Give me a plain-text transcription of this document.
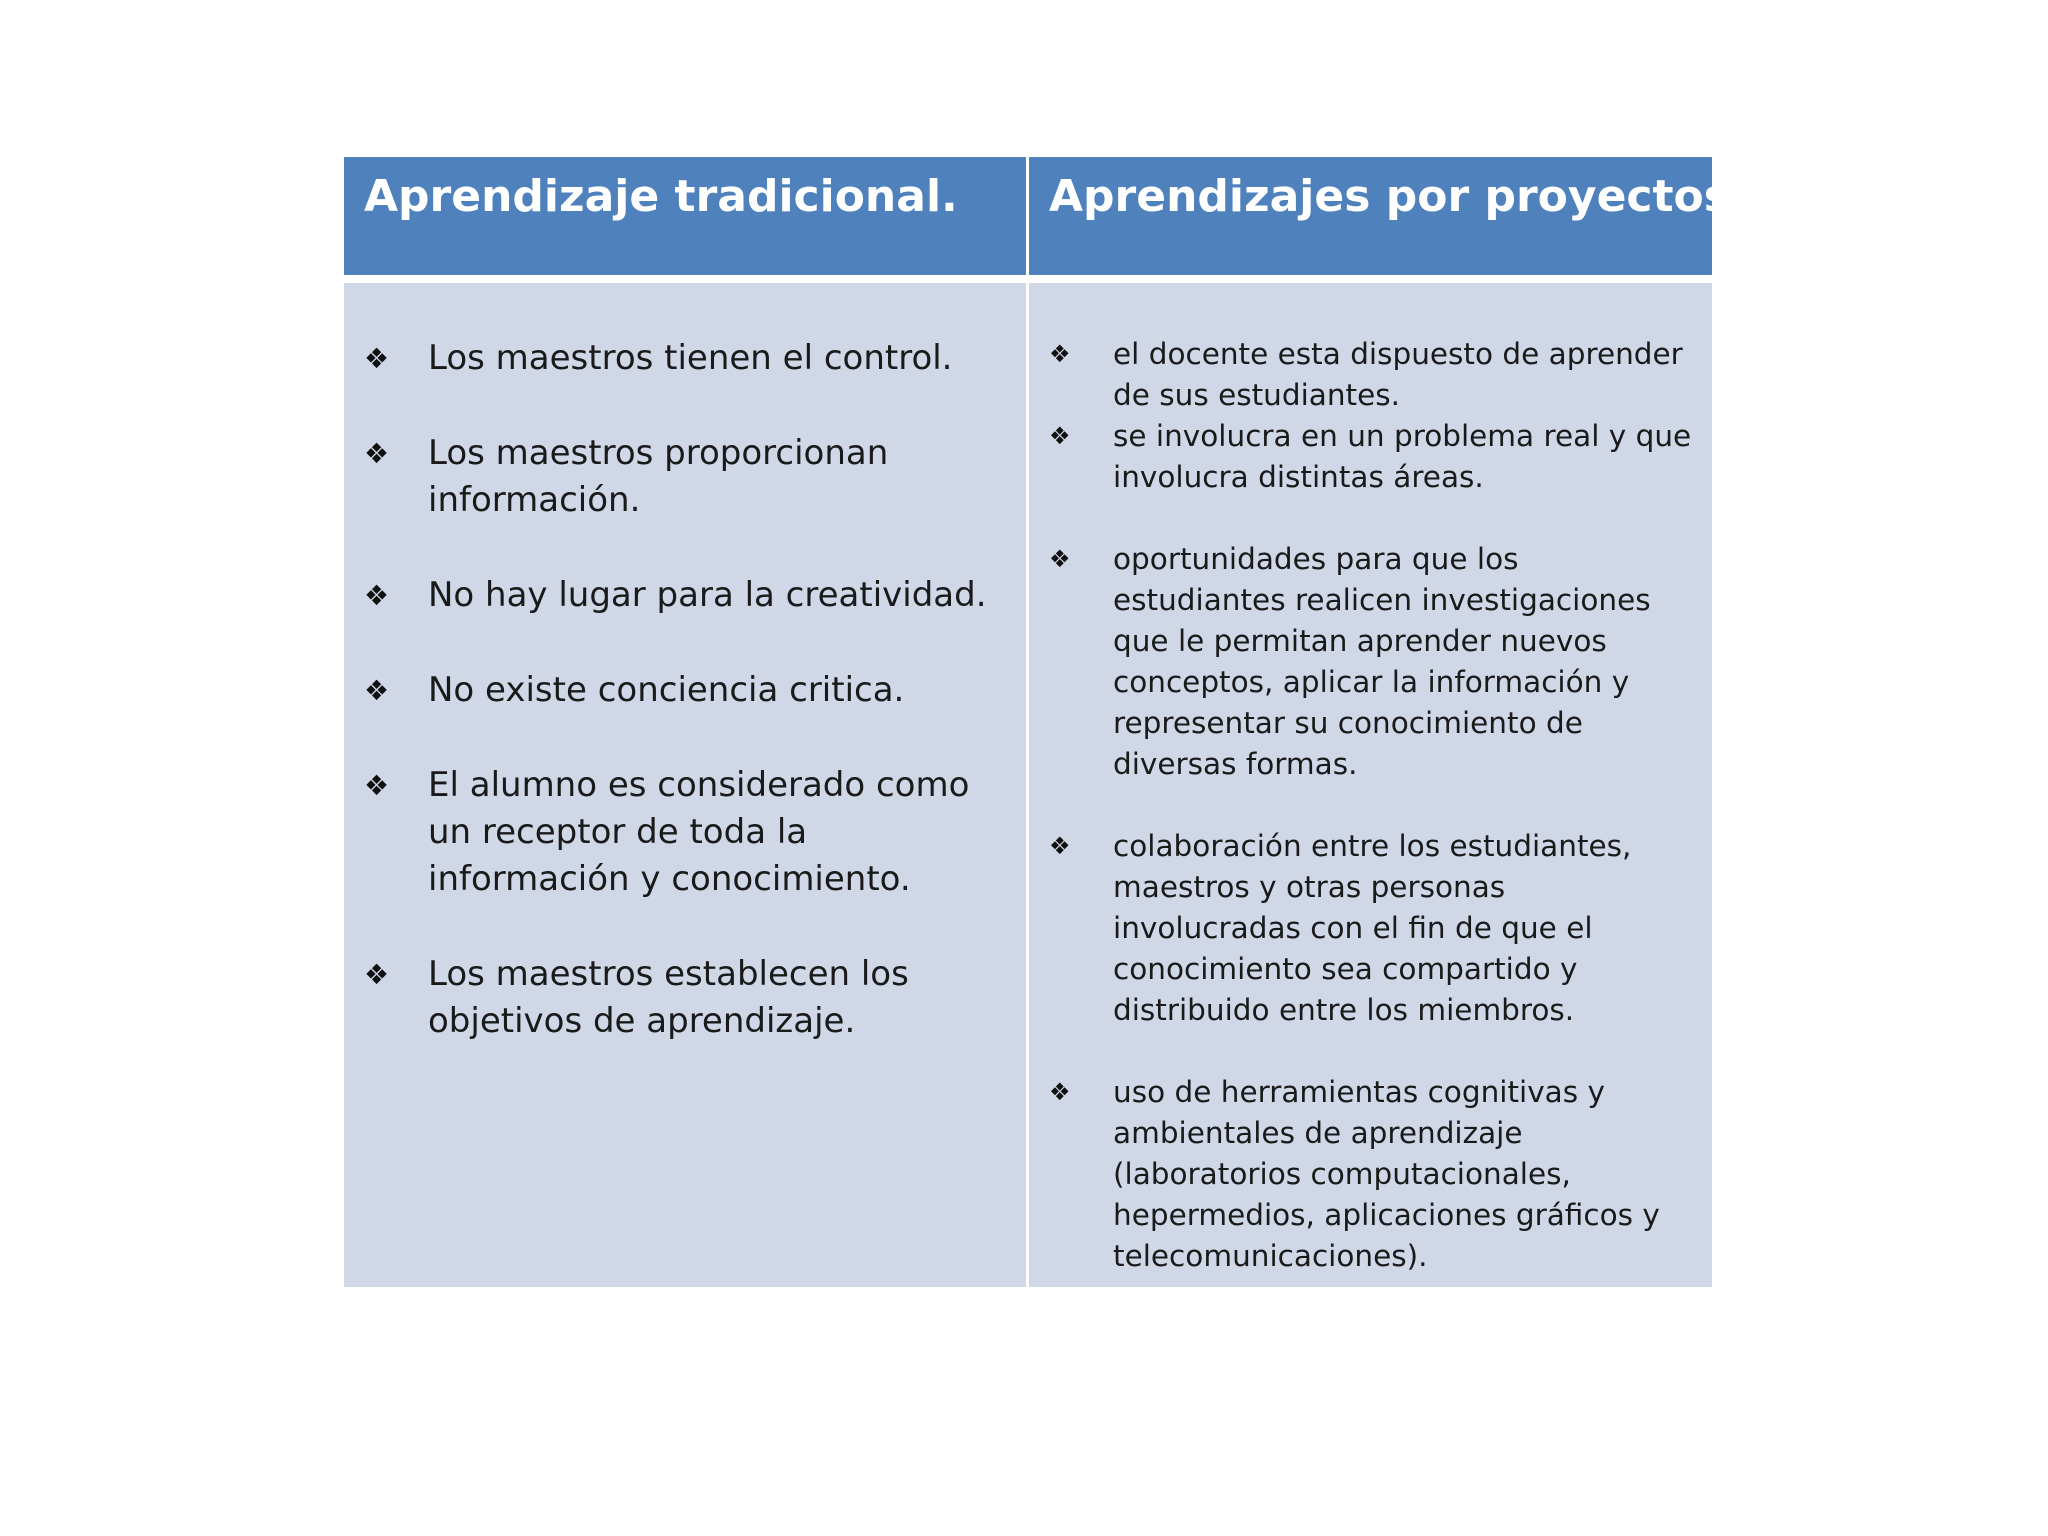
Aprendizaje tradicional.	Aprendizajes por proyectos.
❖ Los maestros tienen el control.
❖ Los maestros proporcionan información.
❖ No hay lugar para la creatividad.
❖ No existe conciencia critica.
❖ El alumno es considerado como un receptor de toda la información y conocimiento.
❖ Los maestros establecen los objetivos de aprendizaje.
❖ el docente esta dispuesto de aprender de sus estudiantes.
❖ se involucra en un problema real y que involucra distintas áreas.
❖ oportunidades para que los estudiantes realicen investigaciones que le permitan aprender nuevos conceptos, aplicar la información y representar su conocimiento de diversas formas.
❖ colaboración entre los estudiantes, maestros y otras personas involucradas con el fin de que el conocimiento sea compartido y distribuido entre los miembros.
❖ uso de herramientas cognitivas y ambientales de aprendizaje (laboratorios computacionales, hepermedios, aplicaciones gráficos y telecomunicaciones).
